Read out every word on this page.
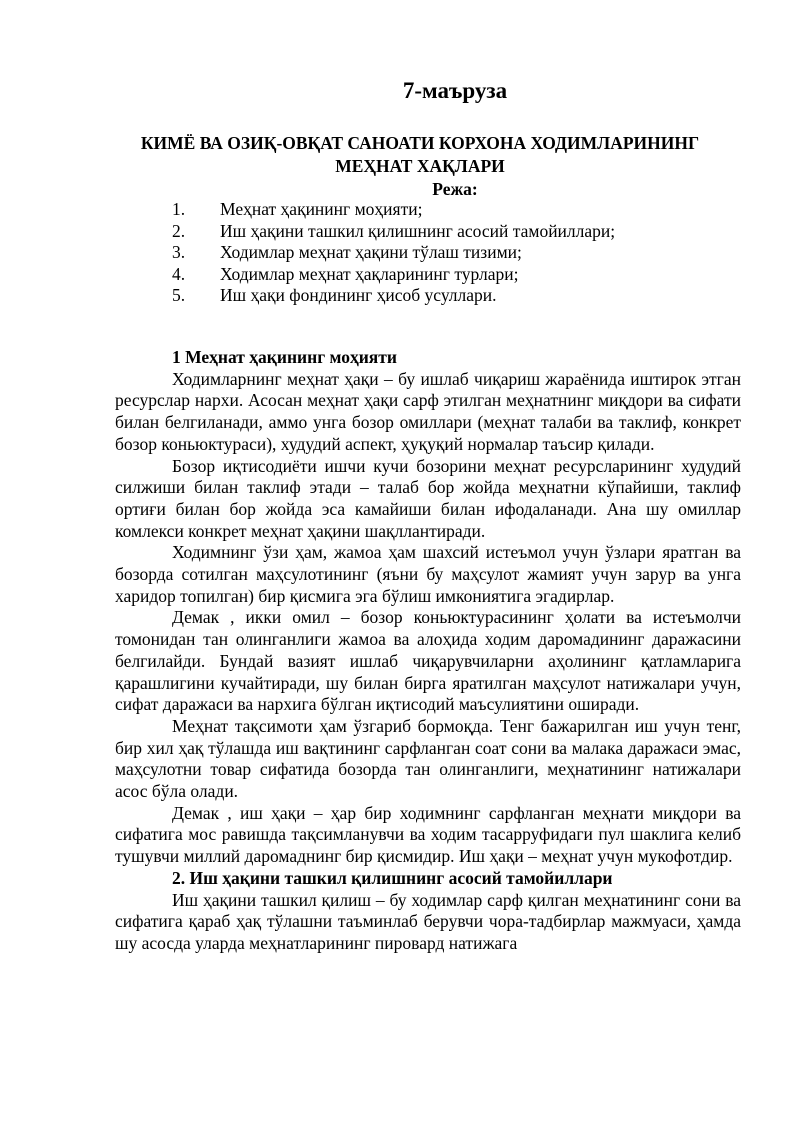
7-маъруза
КИМЁ ВА ОЗИҚ-ОВҚАТ САНОАТИ КОРХОНА ХОДИМЛАРИНИНГ
МЕҲНАТ ХАҚЛАРИ
Режа:
1.	Меҳнат ҳақининг моҳияти;
2.	Иш ҳақини ташкил қилишнинг асосий тамойиллари;
3.	Ходимлар меҳнат ҳақини тўлаш тизими;
4.	Ходимлар меҳнат ҳақларининг турлари;
5.	Иш ҳақи фондининг ҳисоб усуллари.
1 Меҳнат ҳақининг моҳияти

Ходимларнинг меҳнат ҳақи – бу ишлаб чиқариш жараёнида иштирок этган ресурслар нархи. Асосан меҳнат ҳақи сарф этилган меҳнатнинг миқдори ва сифати билан белгиланади, аммо унга бозор омиллари (меҳнат талаби ва таклиф, конкрет бозор коньюктураси), худудий аспект, ҳуқуқий нормалар таъсир қилади.

Бозор иқтисодиёти ишчи кучи бозорини меҳнат ресурсларининг худудий силжиши билан таклиф этади – талаб бор жойда меҳнатни кўпайиши, таклиф ортиғи билан бор жойда эса камайиши билан ифодаланади. Ана шу омиллар комлекси конкрет меҳнат ҳақини шақллантиради.

Ходимнинг ўзи ҳам, жамоа ҳам шахсий истеъмол учун ўзлари яратган ва бозорда сотилган маҳсулотининг (яъни бу маҳсулот жамият учун зарур ва унга харидор топилган) бир қисмига эга бўлиш имкониятига эгадирлар.

Демак , икки омил – бозор коньюктурасининг ҳолати ва истеъмолчи томонидан тан олинганлиги жамоа ва алоҳида ходим даромадининг даражасини белгилайди. Бундай вазият ишлаб чиқарувчиларни аҳолининг қатламларига қарашлигини кучайтиради, шу билан бирга яратилган маҳсулот натижалари учун, сифат даражаси ва нархига бўлган иқтисодий маъсулиятини оширади.

Меҳнат тақсимоти ҳам ўзгариб бормоқда. Тенг бажарилган иш учун тенг, бир хил ҳақ тўлашда иш вақтининг сарфланган соат сони ва малака даражаси эмас, маҳсулотни товар сифатида бозорда тан олинганлиги, меҳнатининг натижалари асос бўла олади.

Демак , иш ҳақи – ҳар бир ходимнинг сарфланган меҳнати миқдори ва сифатига мос равишда тақсимланувчи ва ходим тасарруфидаги пул шаклига келиб тушувчи миллий даромаднинг бир қисмидир. Иш ҳақи – меҳнат учун мукофотдир.

2. Иш ҳақини ташкил қилишнинг асосий тамойиллари

Иш ҳақини ташкил қилиш – бу ходимлар сарф қилган меҳнатининг сони ва сифатига қараб ҳақ тўлашни таъминлаб берувчи чора-тадбирлар мажмуаси, ҳамда шу асосда уларда меҳнатларининг пировард натижага
